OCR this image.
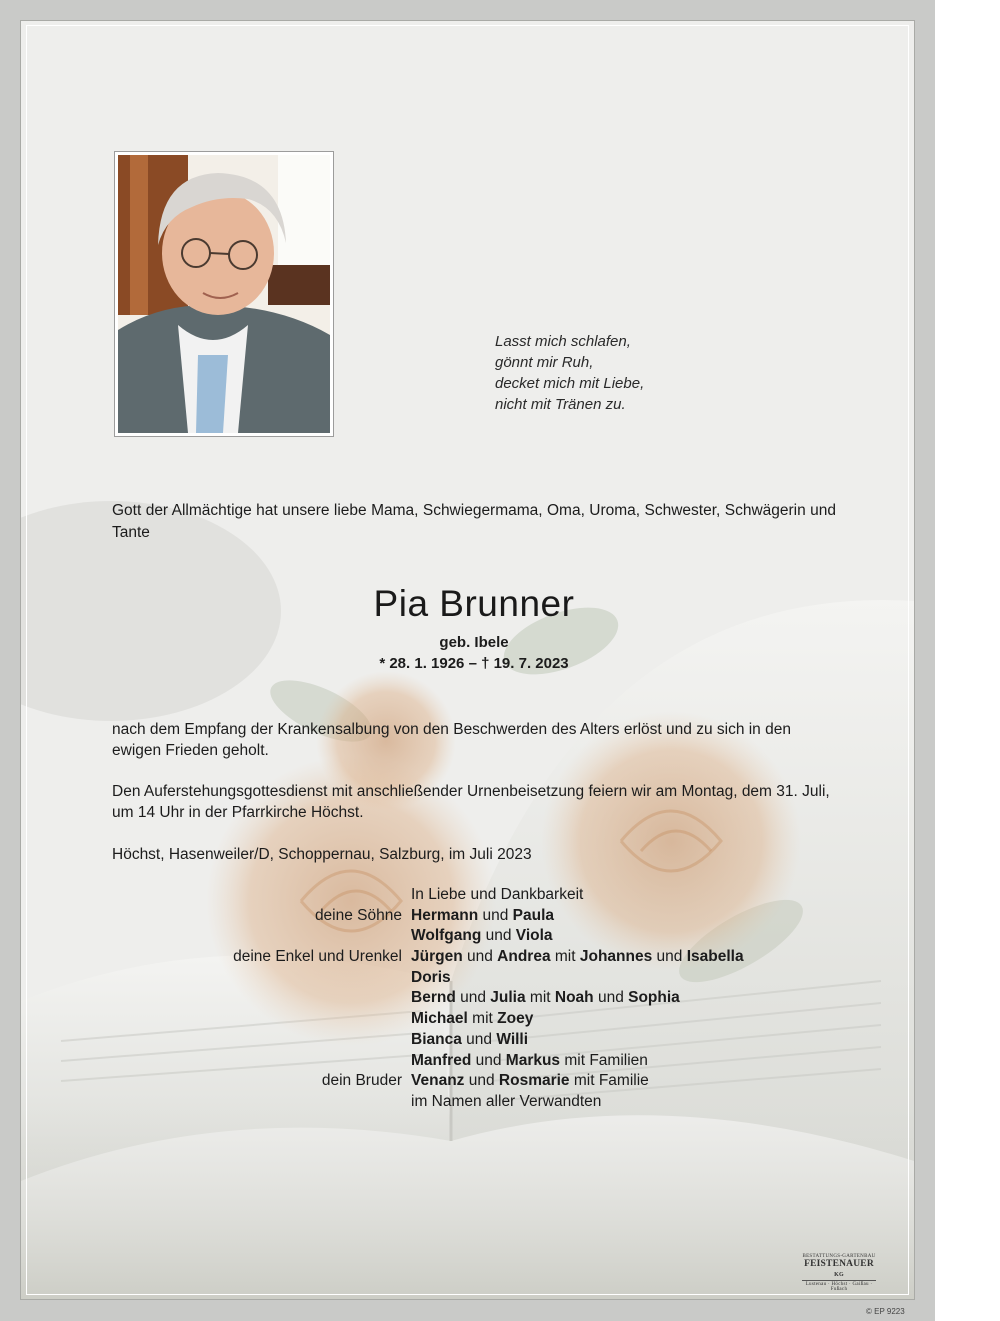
Lasst mich schlafen,
gönnt mir Ruh,
decket mich mit Liebe,
nicht mit Tränen zu.
Gott der Allmächtige hat unsere liebe Mama, Schwiegermama, Oma, Uroma, Schwester, Schwägerin und Tante
Pia Brunner
geb. Ibele
* 28. 1. 1926 – † 19. 7. 2023
nach dem Empfang der Krankensalbung von den Beschwerden des Alters erlöst und zu sich in den ewigen Frieden geholt.
Den Auferstehungsgottesdienst mit anschließender Urnenbeisetzung feiern wir am Montag, dem 31. Juli, um 14 Uhr in der Pfarrkirche Höchst.
Höchst, Hasenweiler/D, Schoppernau, Salzburg, im Juli 2023
In Liebe und Dankbarkeit
deine Söhne Hermann und Paula
Wolfgang und Viola
deine Enkel und Urenkel Jürgen und Andrea mit Johannes und Isabella
Doris
Bernd und Julia mit Noah und Sophia
Michael mit Zoey
Bianca und Willi
Manfred und Markus mit Familien
dein Bruder Venanz und Rosmarie mit Familie
im Namen aller Verwandten
BESTATTUNGS-GARTENBAU
FEISTENAUER KG
Lustenau · Höchst · Gaißau · Fußach
© EP 9223
